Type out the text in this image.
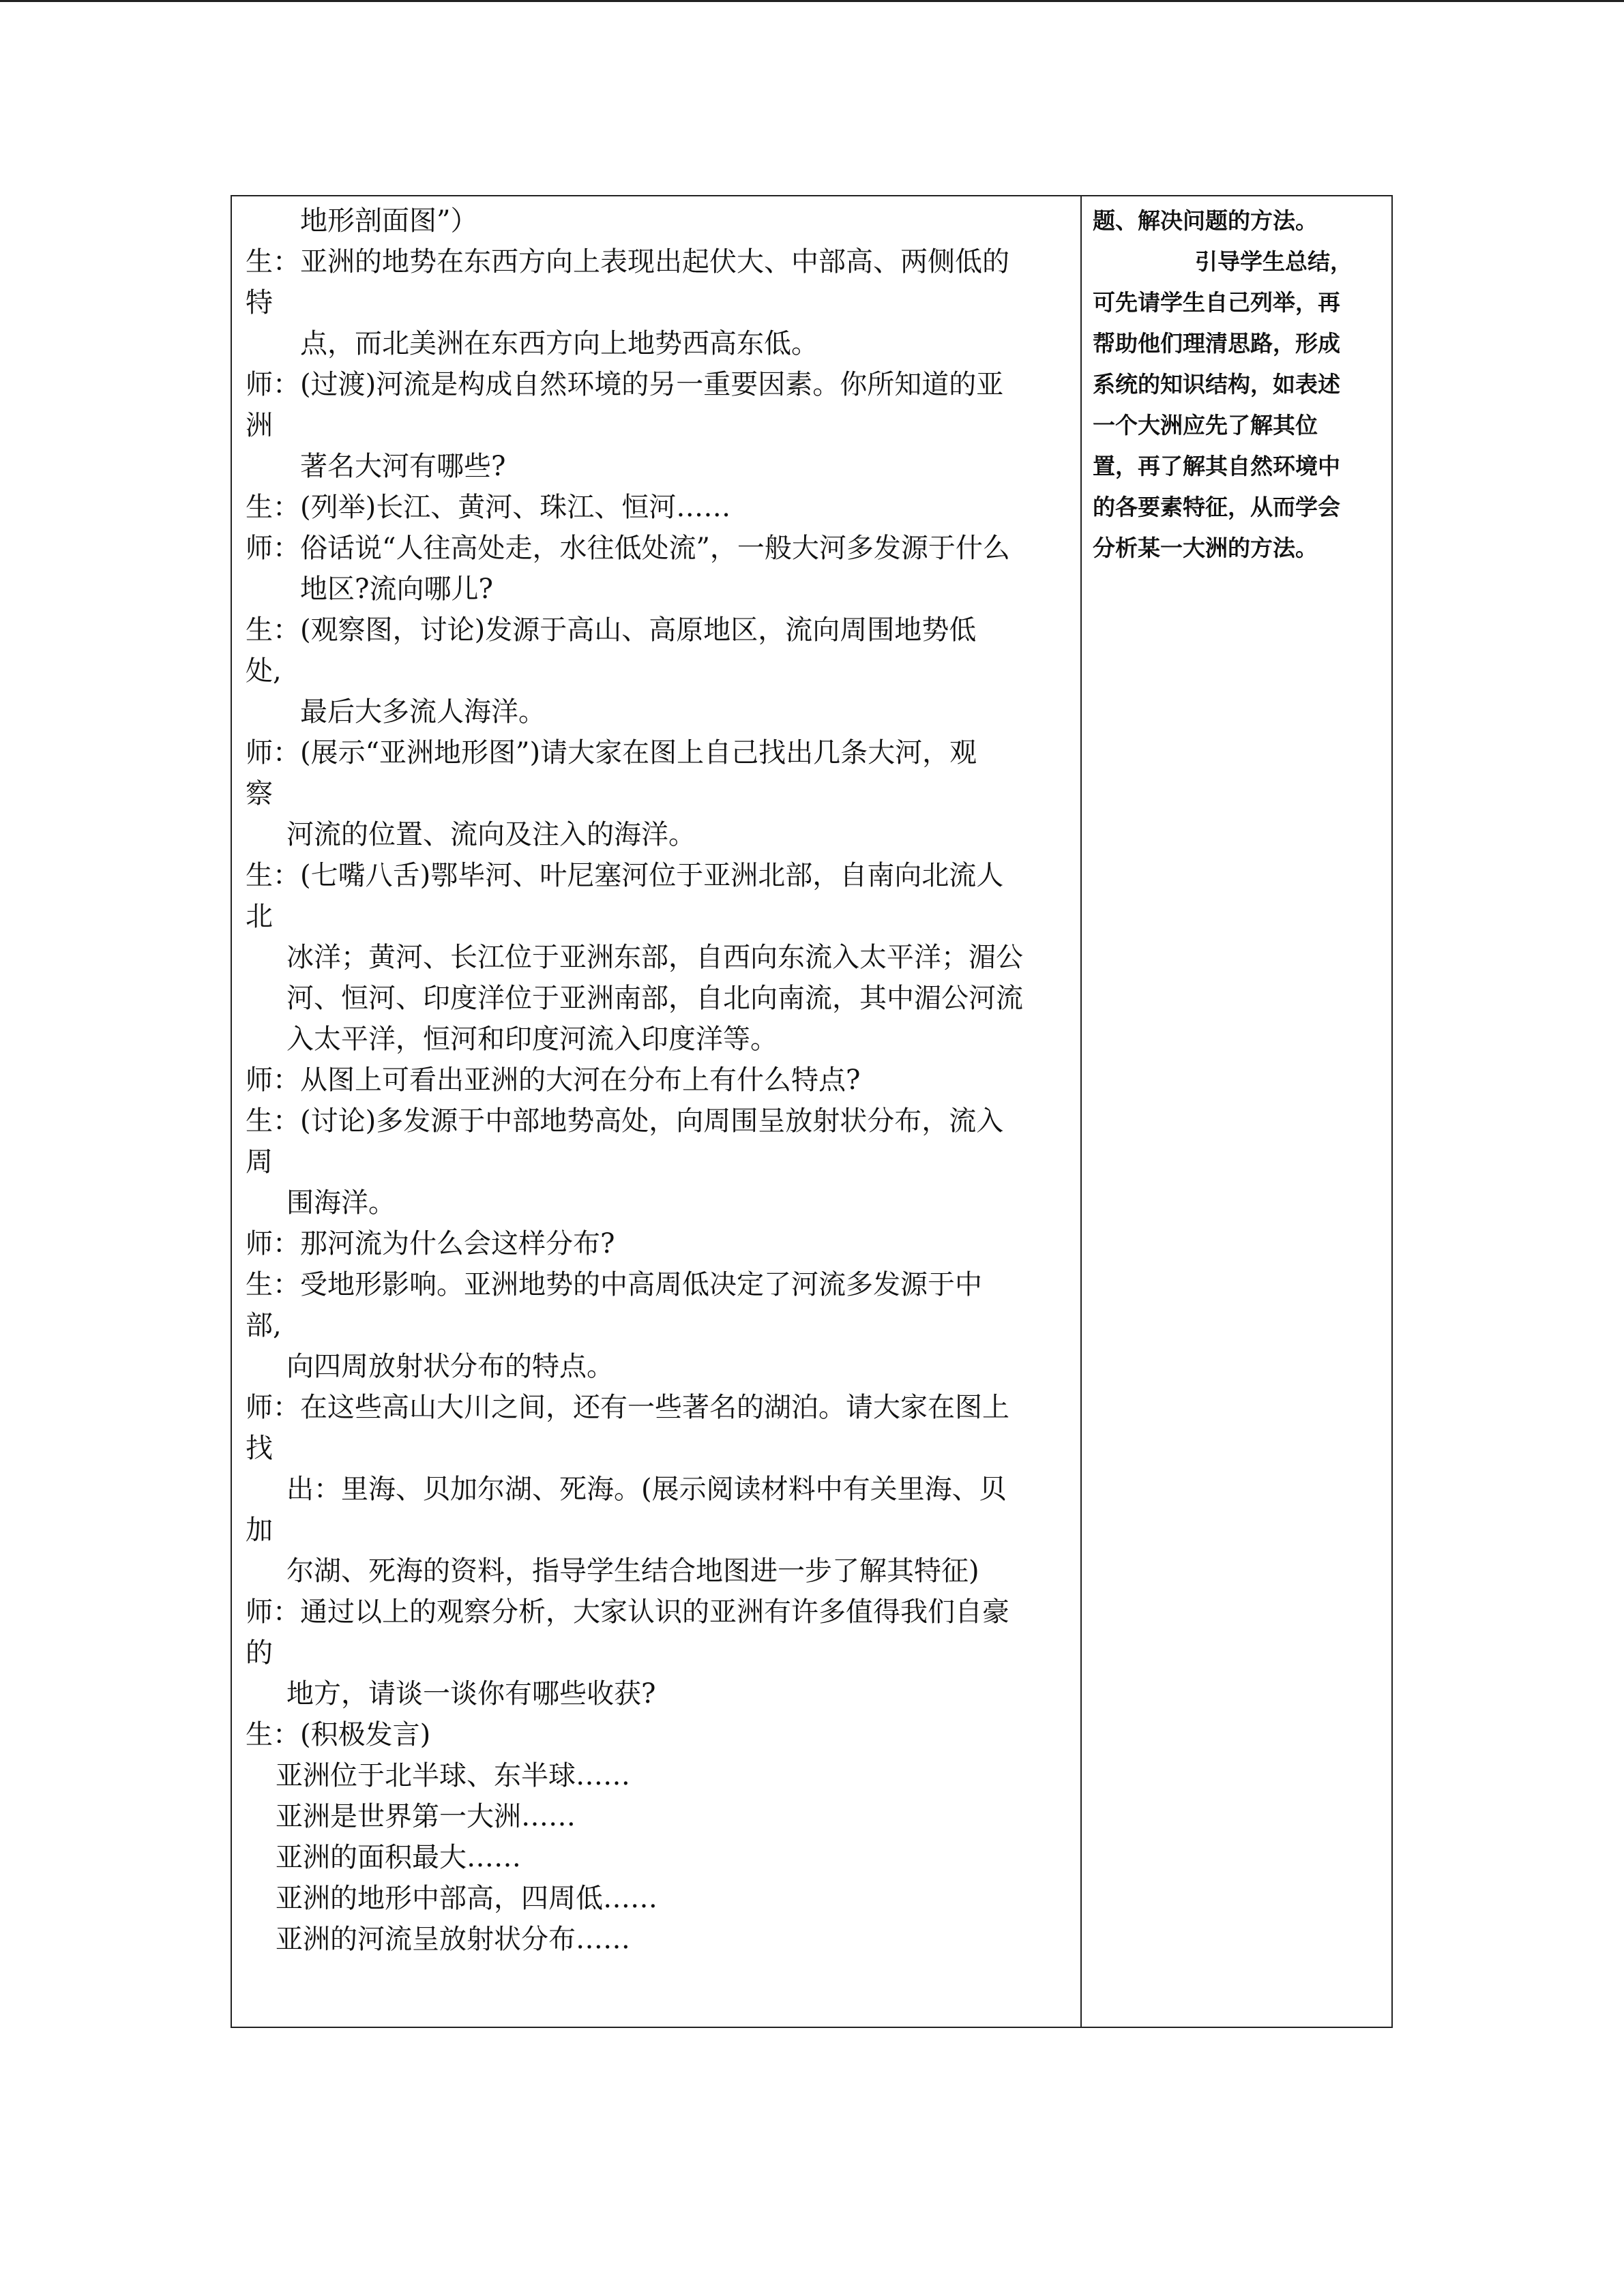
地形剖面图”）
生：亚洲的地势在东西方向上表现出起伏大、中部高、两侧低的
特
点，而北美洲在东西方向上地势西高东低。
师：(过渡)河流是构成自然环境的另一重要因素。你所知道的亚
洲
著名大河有哪些?
生：(列举)长江、黄河、珠江、恒河……
师：俗话说“人往高处走，水往低处流”，一般大河多发源于什么
地区?流向哪儿?
生：(观察图，讨论)发源于高山、高原地区，流向周围地势低
处,
最后大多流人海洋。
师：(展示“亚洲地形图”)请大家在图上自己找出几条大河，观
察
河流的位置、流向及注入的海洋。
生：(七嘴八舌)鄂毕河、叶尼塞河位于亚洲北部，自南向北流人
北
冰洋；黄河、长江位于亚洲东部，自西向东流入太平洋；湄公
河、恒河、印度洋位于亚洲南部，自北向南流，其中湄公河流
入太平洋，恒河和印度河流入印度洋等。
师：从图上可看出亚洲的大河在分布上有什么特点?
生：(讨论)多发源于中部地势高处，向周围呈放射状分布，流入
周
围海洋。
师：那河流为什么会这样分布?
生：受地形影响。亚洲地势的中高周低决定了河流多发源于中
部,
向四周放射状分布的特点。
师：在这些高山大川之间，还有一些著名的湖泊。请大家在图上
找
出：里海、贝加尔湖、死海。(展示阅读材料中有关里海、贝
加
尔湖、死海的资料，指导学生结合地图进一步了解其特征)
师：通过以上的观察分析，大家认识的亚洲有许多值得我们自豪
的
地方，请谈一谈你有哪些收获?
生：(积极发言)
亚洲位于北半球、东半球……
亚洲是世界第一大洲……
亚洲的面积最大……
亚洲的地形中部高，四周低……
亚洲的河流呈放射状分布……
题、解决问题的方法。
引导学生总结，
可先请学生自己列举，再
帮助他们理清思路，形成
系统的知识结构，如表述
一个大洲应先了解其位
置，再了解其自然环境中
的各要素特征，从而学会
分析某一大洲的方法。
